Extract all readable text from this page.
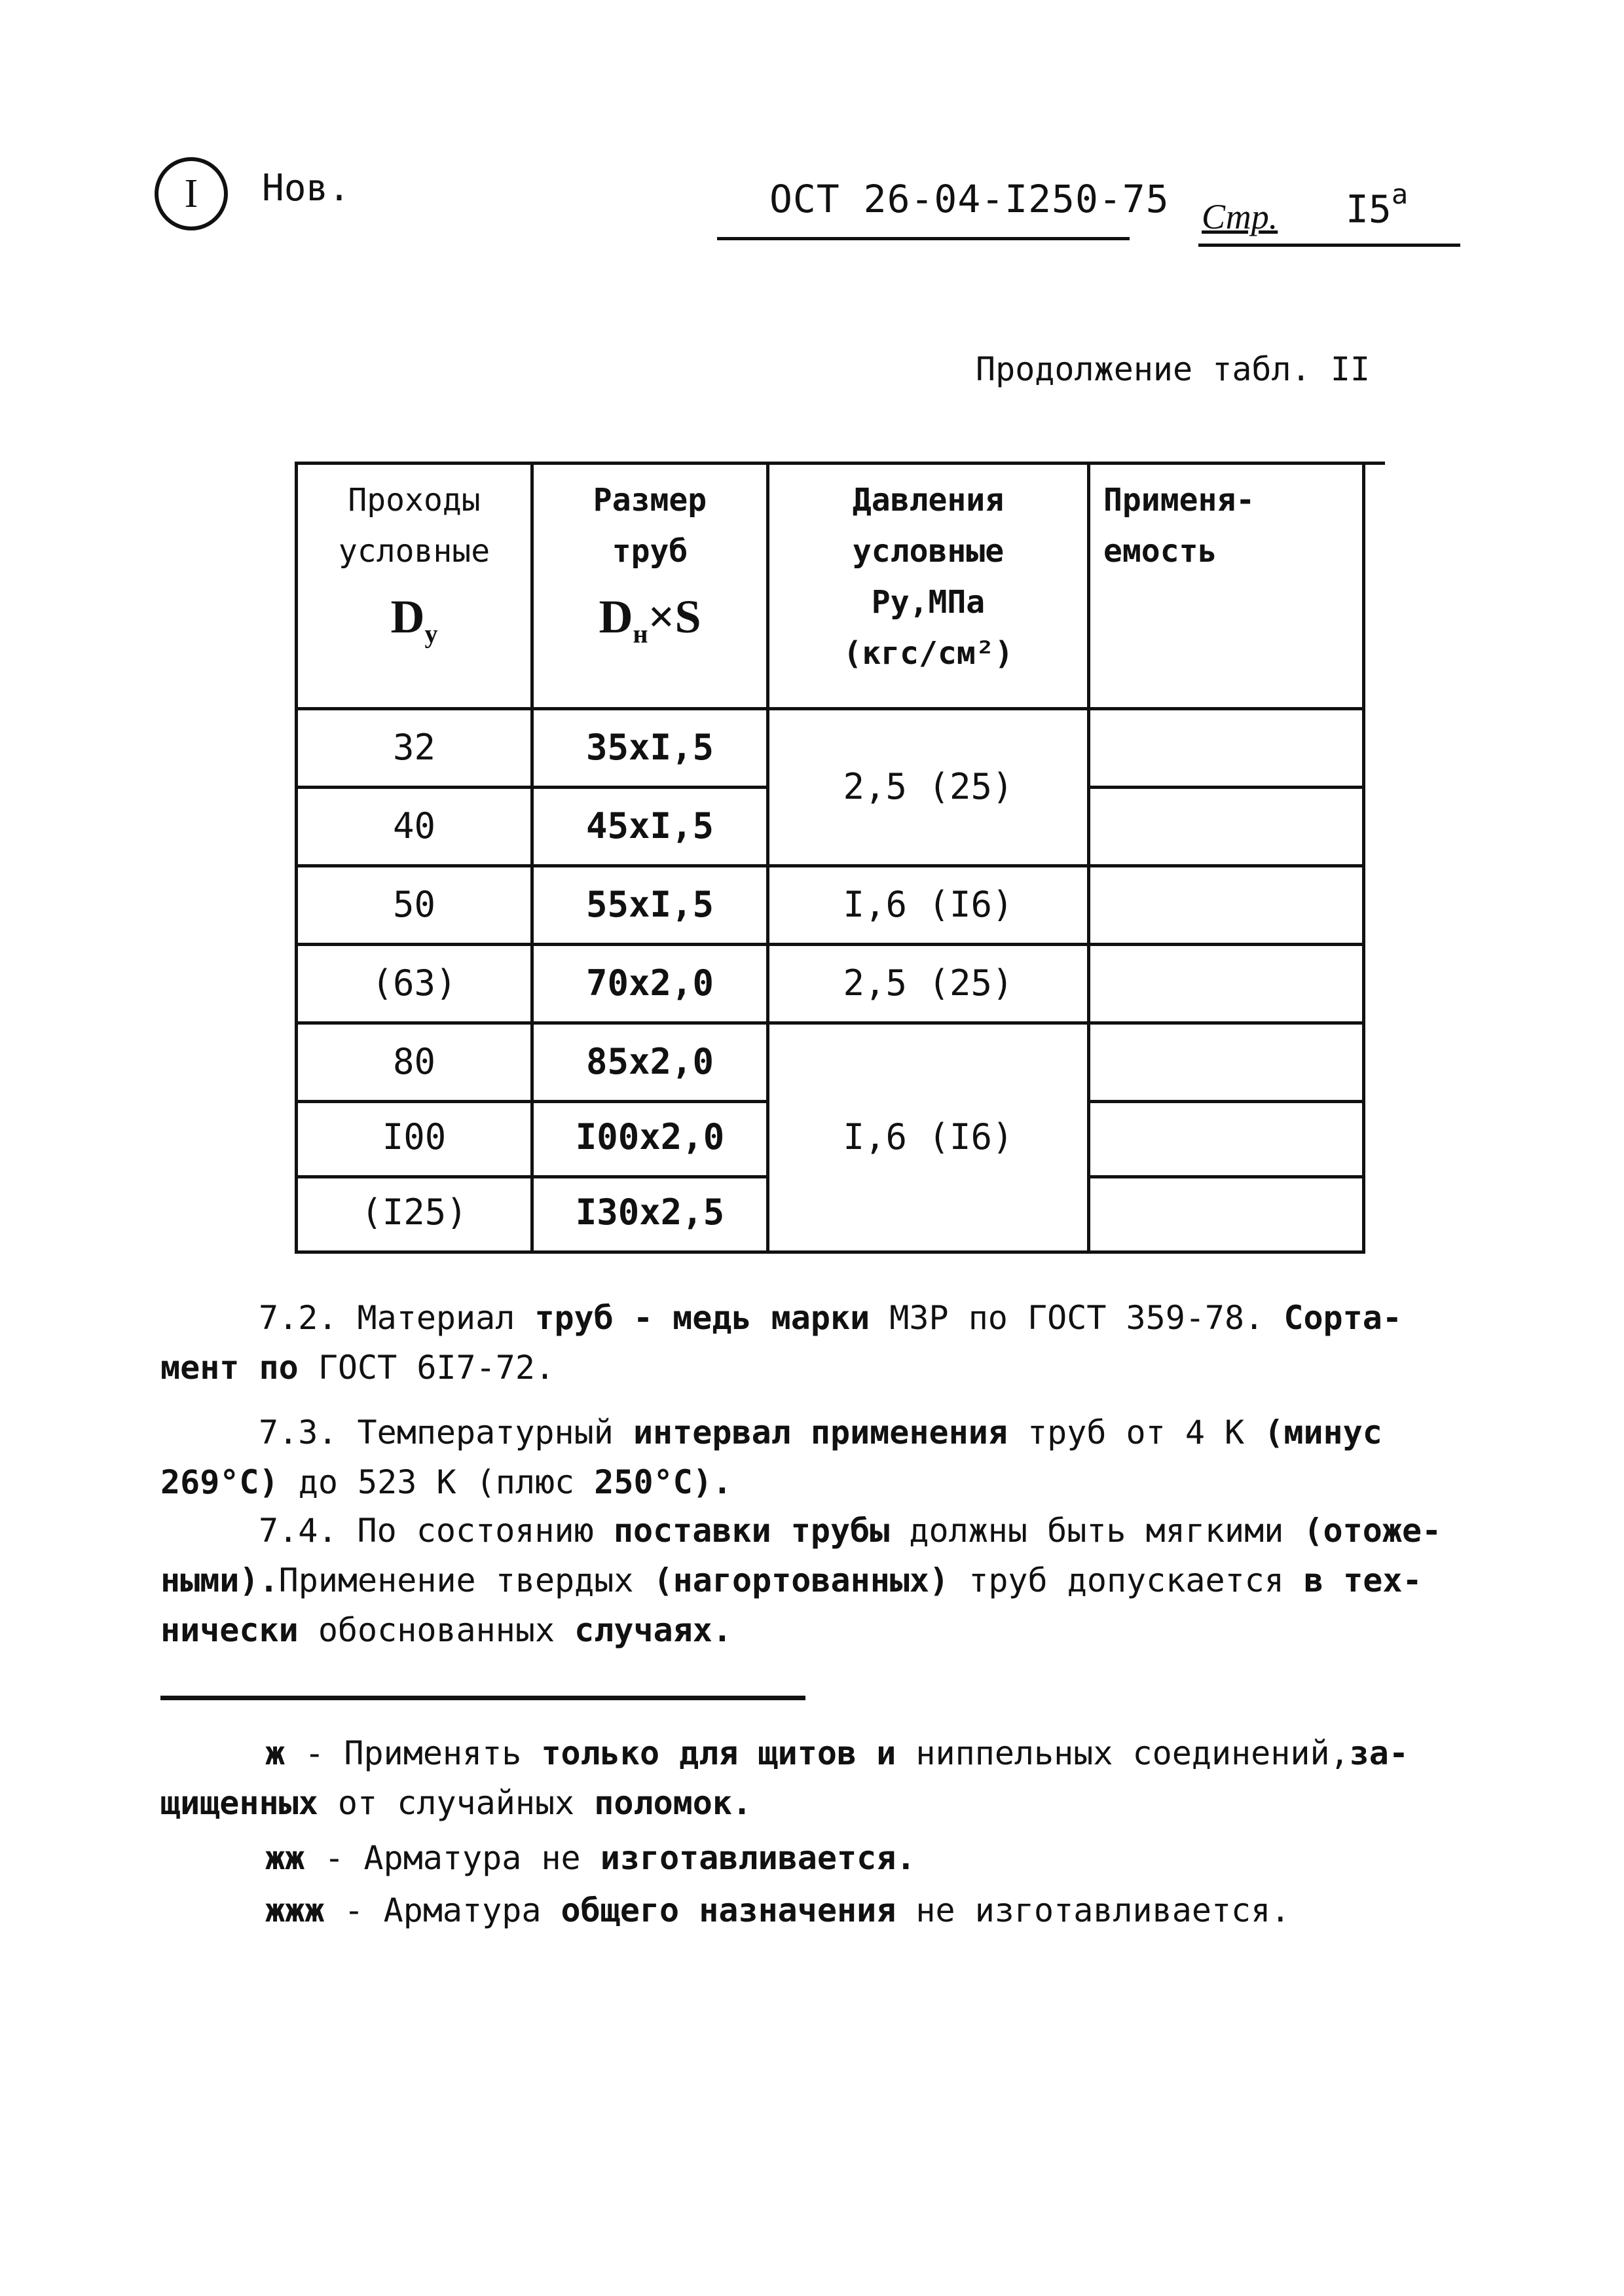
I	Нов.	ОСТ 26-04-I250-75 Стр. $I5^а$
Продолжение табл. II
Проходы
условные
$D_у$
Размер
труб
$D_н\times S$
Давления
условные
Ру,МПа
(кгс/см²)
Применя-
емость
32
40
50
(63)
80
I00
(I25)
35xI,5
45xI,5
55xI,5
70x2,0
85x2,0
I00x2,0
I30x2,5
2,5 (25)
I,6 (I6)
2,5 (25)
I,6 (I6)
7.2. Материал труб - медь марки М3Р по ГОСТ 359-78. Сорта-
мент по ГОСТ 6I7-72.
7.3. Температурный интервал применения труб от 4 К (минус
269°С) до 523 К (плюс 250°С).
7.4. По состоянию поставки трубы должны быть мягкими (отоже-
ными).Применение твердых (нагортованных) труб допускается в тех-
нически обоснованных случаях.
ж - Применять только для щитов и ниппельных соединений,за-
щищенных от случайных поломок.
жж - Арматура не изготавливается.
жжж - Арматура общего назначения не изготавливается.
